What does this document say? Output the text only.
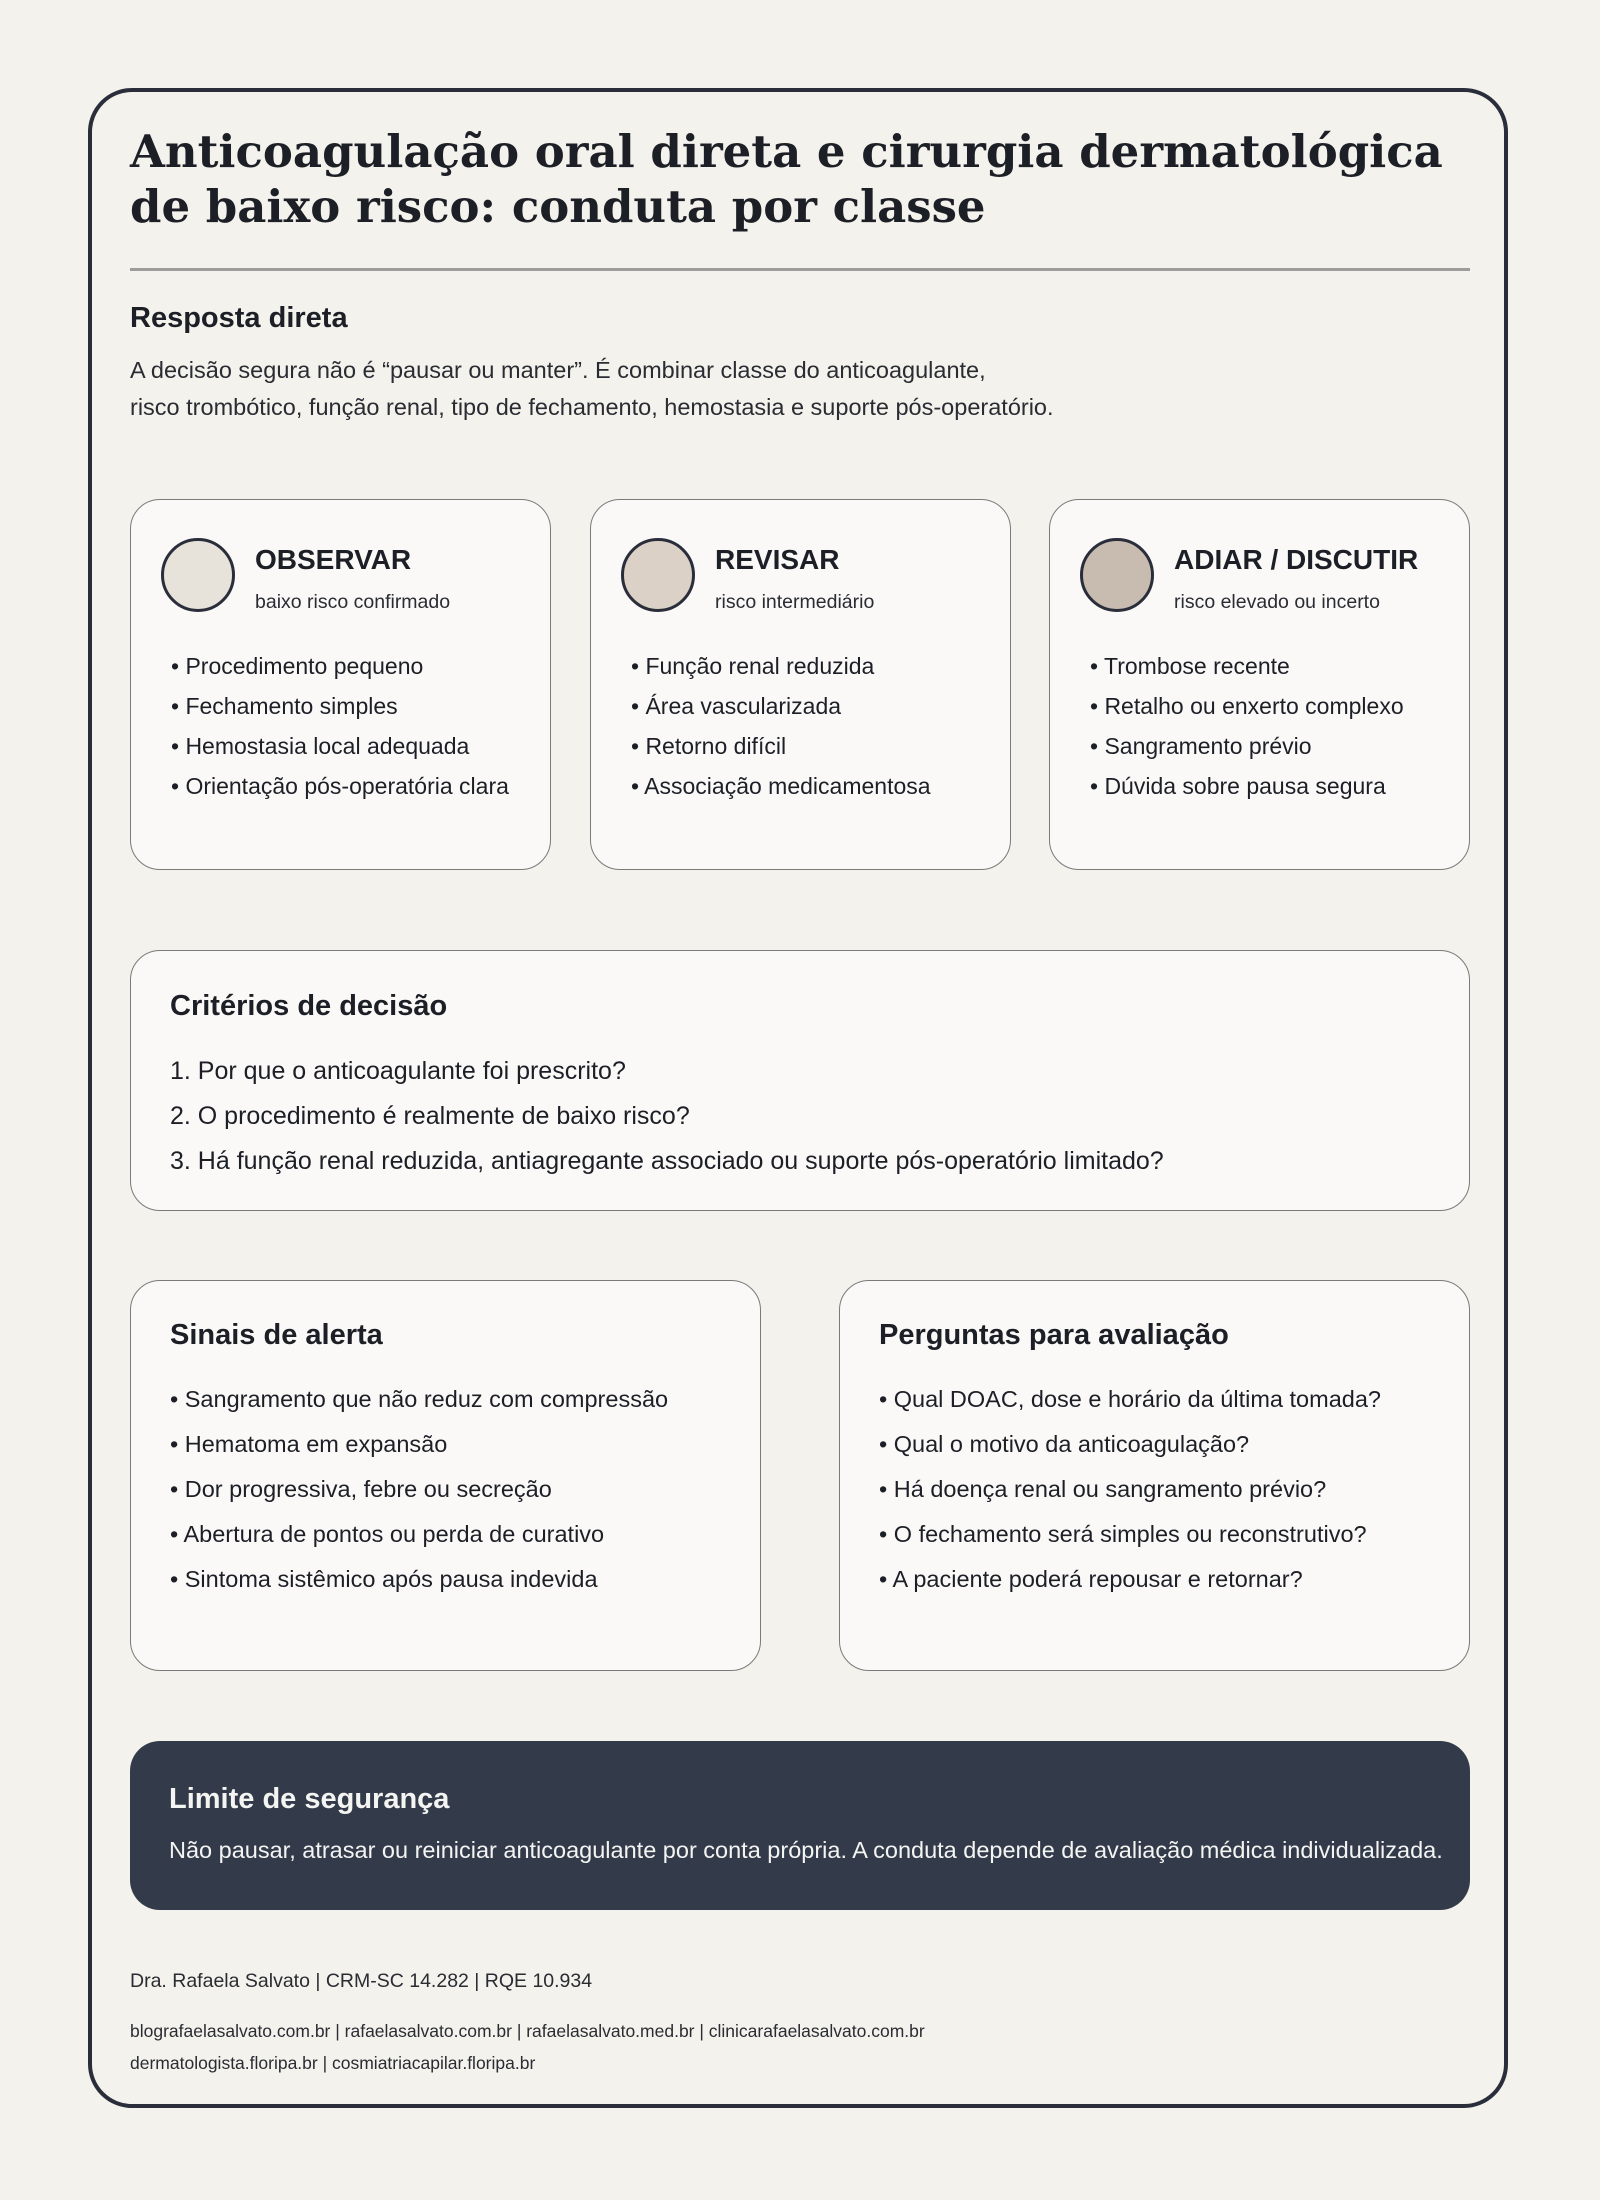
Anticoagulação oral direta e cirurgia dermatológica
de baixo risco: conduta por classe
Resposta direta
A decisão segura não é “pausar ou manter”. É combinar classe do anticoagulante,
risco trombótico, função renal, tipo de fechamento, hemostasia e suporte pós-operatório.
OBSERVAR
baixo risco confirmado
• Procedimento pequeno
• Fechamento simples
• Hemostasia local adequada
• Orientação pós-operatória clara
REVISAR
risco intermediário
• Função renal reduzida
• Área vascularizada
• Retorno difícil
• Associação medicamentosa
ADIAR / DISCUTIR
risco elevado ou incerto
• Trombose recente
• Retalho ou enxerto complexo
• Sangramento prévio
• Dúvida sobre pausa segura
Critérios de decisão
1. Por que o anticoagulante foi prescrito?
2. O procedimento é realmente de baixo risco?
3. Há função renal reduzida, antiagregante associado ou suporte pós-operatório limitado?
Sinais de alerta
• Sangramento que não reduz com compressão
• Hematoma em expansão
• Dor progressiva, febre ou secreção
• Abertura de pontos ou perda de curativo
• Sintoma sistêmico após pausa indevida
Perguntas para avaliação
• Qual DOAC, dose e horário da última tomada?
• Qual o motivo da anticoagulação?
• Há doença renal ou sangramento prévio?
• O fechamento será simples ou reconstrutivo?
• A paciente poderá repousar e retornar?
Limite de segurança
Não pausar, atrasar ou reiniciar anticoagulante por conta própria. A conduta depende de avaliação médica individualizada.
Dra. Rafaela Salvato | CRM-SC 14.282 | RQE 10.934
blografaelasalvato.com.br | rafaelasalvato.com.br | rafaelasalvato.med.br | clinicarafaelasalvato.com.br
dermatologista.floripa.br | cosmiatriacapilar.floripa.br
